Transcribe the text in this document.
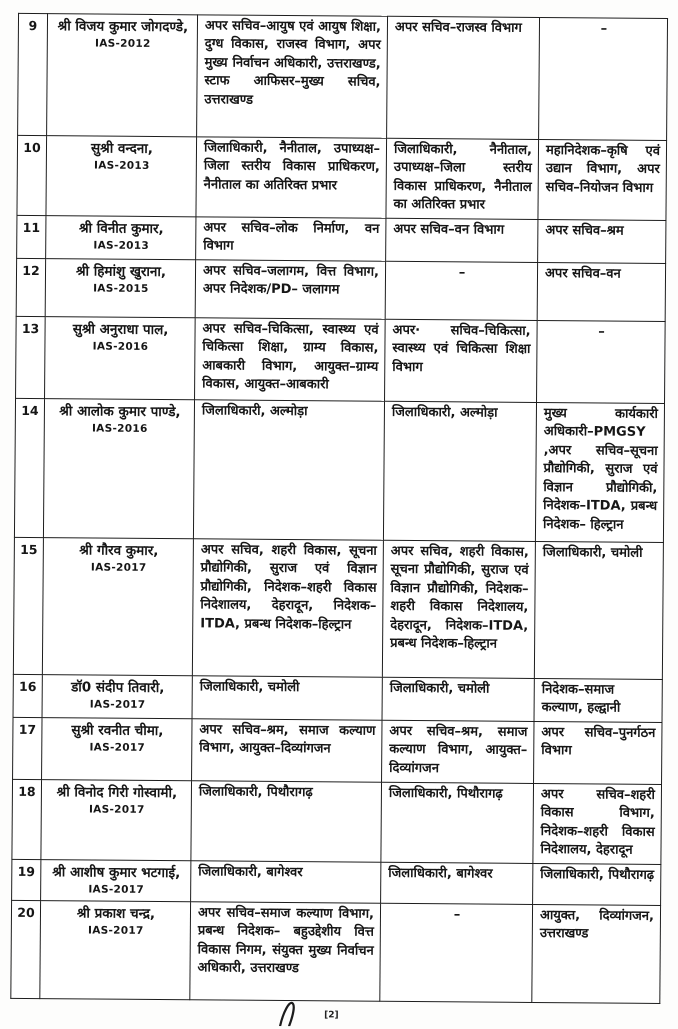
9	श्री विजय कुमार जोगदण्डे,
IAS-2012	अपर सचिव–आयुष एवं आयुष शिक्षा, दुग्ध विकास, राजस्व विभाग, अपर मुख्य निर्वाचन अधिकारी, उत्तराखण्ड, स्टाफ आफिसर–मुख्य सचिव, उत्तराखण्ड	अपर सचिव–राजस्व विभाग	–
10	सुश्री वन्दना,
IAS-2013	जिलाधिकारी, नैनीताल, उपाध्यक्ष–जिला स्तरीय विकास प्राधिकरण, नैनीताल का अतिरिक्त प्रभार	जिलाधिकारी, नैनीताल, उपाध्यक्ष–जिला स्तरीय विकास प्राधिकरण, नैनीताल का अतिरिक्त प्रभार	महानिदेशक–कृषि एवं उद्यान विभाग, अपर सचिव–नियोजन विभाग
11	श्री विनीत कुमार,
IAS-2013	अपर सचिव–लोक निर्माण, वन विभाग	अपर सचिव–वन विभाग	अपर सचिव–श्रम
12	श्री हिमांशु खुराना,
IAS-2015	अपर सचिव–जलागम, वित्त विभाग, अपर निदेशक/PD– जलागम	–	अपर सचिव–वन
13	सुश्री अनुराधा पाल,
IAS-2016	अपर सचिव–चिकित्सा, स्वास्थ्य एवं चिकित्सा शिक्षा, ग्राम्य विकास, आबकारी विभाग, आयुक्त–ग्राम्य विकास, आयुक्त–आबकारी	अपर· सचिव–चिकित्सा, स्वास्थ्य एवं चिकित्सा शिक्षा विभाग	–
14	श्री आलोक कुमार पाण्डे,
IAS-2016	जिलाधिकारी, अल्मोड़ा	जिलाधिकारी, अल्मोड़ा	मुख्य कार्यकारी अधिकारी–PMGSY ,अपर सचिव–सूचना प्रौद्योगिकी, सुराज एवं विज्ञान प्रौद्योगिकी, निदेशक–ITDA, प्रबन्ध निदेशक– हिल्ट्रान
15	श्री गौरव कुमार,
IAS-2017	अपर सचिव, शहरी विकास, सूचना प्रौद्योगिकी, सुराज एवं विज्ञान प्रौद्योगिकी, निदेशक–शहरी विकास निदेशालय, देहरादून, निदेशक–ITDA, प्रबन्ध निदेशक–हिल्ट्रान	अपर सचिव, शहरी विकास, सूचना प्रौद्योगिकी, सुराज एवं विज्ञान प्रौद्योगिकी, निदेशक–शहरी विकास निदेशालय, देहरादून, निदेशक–ITDA, प्रबन्ध निदेशक–हिल्ट्रान	जिलाधिकारी, चमोली
16	डॉ0 संदीप तिवारी,
IAS-2017	जिलाधिकारी, चमोली	जिलाधिकारी, चमोली	निदेशक–समाज कल्याण, हल्द्वानी
17	सुश्री रवनीत चीमा,
IAS-2017	अपर सचिव–श्रम, समाज कल्याण विभाग, आयुक्त–दिव्यांगजन	अपर सचिव–श्रम, समाज कल्याण विभाग, आयुक्त– दिव्यांगजन	अपर सचिव–पुनर्गठन विभाग
18	श्री विनोद गिरी गोस्वामी,
IAS-2017	जिलाधिकारी, पिथौरागढ़	जिलाधिकारी, पिथौरागढ़	अपर सचिव–शहरी विकास विभाग, निदेशक–शहरी विकास निदेशालय, देहरादून
19	श्री आशीष कुमार भटगाई,
IAS-2017	जिलाधिकारी, बागेश्वर	जिलाधिकारी, बागेश्वर	जिलाधिकारी, पिथौरागढ़
20	श्री प्रकाश चन्द्र,
IAS-2017	अपर सचिव–समाज कल्याण विभाग, प्रबन्ध निदेशक– बहुउद्देशीय वित्त विकास निगम, संयुक्त मुख्य निर्वाचन अधिकारी, उत्तराखण्ड	–	आयुक्त, दिव्यांगजन, उत्तराखण्ड
[2]
